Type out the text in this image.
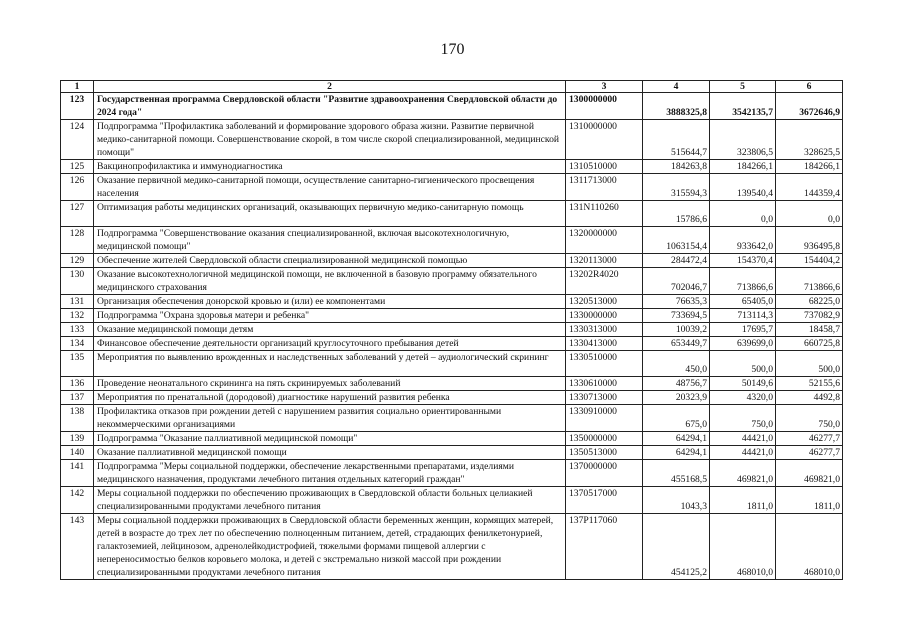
170
1	2	3	4	5	6
123	Государственная программа Свердловской области "Развитие здравоохранения Свердловской области до 2024 года"	1300000000	3888325,8	3542135,7	3672646,9
124	Подпрограмма "Профилактика заболеваний и формирование здорового образа жизни. Развитие первичной медико-санитарной помощи. Совершенствование скорой, в том числе скорой специализированной, медицинской помощи"	1310000000	515644,7	323806,5	328625,5
125	Вакцинопрофилактика и иммунодиагностика	1310510000	184263,8	184266,1	184266,1
126	Оказание первичной медико-санитарной помощи, осуществление санитарно-гигиенического просвещения населения	1311713000	315594,3	139540,4	144359,4
127	Оптимизация работы медицинских организаций, оказывающих первичную медико-санитарную помощь	131N110260	15786,6	0,0	0,0
128	Подпрограмма "Совершенствование оказания специализированной, включая высокотехнологичную, медицинской помощи"	1320000000	1063154,4	933642,0	936495,8
129	Обеспечение жителей Свердловской области специализированной медицинской помощью	1320113000	284472,4	154370,4	154404,2
130	Оказание высокотехнологичной медицинской помощи, не включенной в базовую программу обязательного медицинского страхования	13202R4020	702046,7	713866,6	713866,6
131	Организация обеспечения донорской кровью и (или) ее компонентами	1320513000	76635,3	65405,0	68225,0
132	Подпрограмма "Охрана здоровья матери и ребенка"	1330000000	733694,5	713114,3	737082,9
133	Оказание медицинской помощи детям	1330313000	10039,2	17695,7	18458,7
134	Финансовое обеспечение деятельности организаций круглосуточного пребывания детей	1330413000	653449,7	639699,0	660725,8
135	Мероприятия по выявлению врожденных и наследственных заболеваний у детей – аудиологический скрининг	1330510000	450,0	500,0	500,0
136	Проведение неонатального скрининга на пять скринируемых заболеваний	1330610000	48756,7	50149,6	52155,6
137	Мероприятия по пренатальной (дородовой) диагностике нарушений развития ребенка	1330713000	20323,9	4320,0	4492,8
138	Профилактика отказов при рождении детей с нарушением развития социально ориентированными некоммерческими организациями	1330910000	675,0	750,0	750,0
139	Подпрограмма "Оказание паллиативной медицинской помощи"	1350000000	64294,1	44421,0	46277,7
140	Оказание паллиативной медицинской помощи	1350513000	64294,1	44421,0	46277,7
141	Подпрограмма "Меры социальной поддержки, обеспечение лекарственными препаратами, изделиями медицинского назначения, продуктами лечебного питания отдельных категорий граждан"	1370000000	455168,5	469821,0	469821,0
142	Меры социальной поддержки по обеспечению проживающих в Свердловской области больных целиакией специализированными продуктами лечебного питания	1370517000	1043,3	1811,0	1811,0
143	Меры социальной поддержки проживающих в Свердловской области беременных женщин, кормящих матерей, детей в возрасте до трех лет по обеспечению полноценным питанием, детей, страдающих фенилкетонурией, галактоземией, лейцинозом, адренолейкодистрофией, тяжелыми формами пищевой аллергии с непереносимостью белков коровьего молока, и детей с экстремально низкой массой при рождении специализированными продуктами лечебного питания	137P117060	454125,2	468010,0	468010,0
